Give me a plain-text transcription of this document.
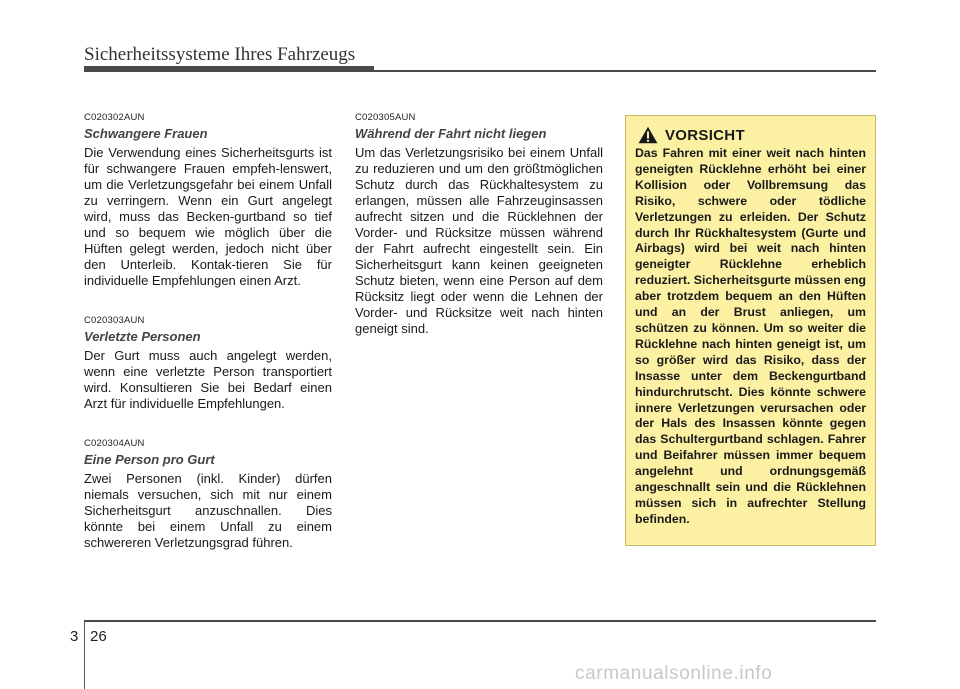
Sicherheitssysteme Ihres Fahrzeugs

C020302AUN

Schwangere Frauen

Die Verwendung eines Sicherheitsgurts ist für schwangere Frauen empfeh-lenswert, um die Verletzungsgefahr bei einem Unfall zu verringern. Wenn ein Gurt angelegt wird, muss das Becken-gurtband so tief und so bequem wie möglich über die Hüften gelegt werden, jedoch nicht über den Unterleib. Kontak-tieren Sie für individuelle Empfehlungen einen Arzt.

C020303AUN

Verletzte Personen

Der Gurt muss auch angelegt werden, wenn eine verletzte Person transportiert wird. Konsultieren Sie bei Bedarf einen Arzt für individuelle Empfehlungen.

C020304AUN

Eine Person pro Gurt

Zwei Personen (inkl. Kinder) dürfen niemals versuchen, sich mit nur einem Sicherheitsgurt anzuschnallen. Dies könnte bei einem Unfall zu einem schwereren Verletzungsgrad führen.

C020305AUN

Während der Fahrt nicht liegen

Um das Verletzungsrisiko bei einem Unfall zu reduzieren und um den größtmöglichen Schutz durch das Rückhaltesystem zu erlangen, müssen alle Fahrzeuginsassen aufrecht sitzen und die Rücklehnen der Vorder- und Rücksitze müssen während der Fahrt aufrecht eingestellt sein. Ein Sicherheitsgurt kann keinen geeigneten Schutz bieten, wenn eine Person auf dem Rücksitz liegt oder wenn die Lehnen der Vorder- und Rücksitze weit nach hinten geneigt sind.

VORSICHT

Das Fahren mit einer weit nach hinten geneigten Rücklehne erhöht bei einer Kollision oder Vollbremsung das Risiko, schwere oder tödliche Verletzungen zu erleiden. Der Schutz durch Ihr Rückhaltesystem (Gurte und Airbags) wird bei weit nach hinten geneigter Rücklehne erheblich reduziert. Sicherheitsgurte müssen eng aber trotzdem bequem an den Hüften und an der Brust anliegen, um schützen zu können. Um so weiter die Rücklehne nach hinten geneigt ist, um so größer wird das Risiko, dass der Insasse unter dem Beckengurtband hindurchrutscht. Dies könnte schwere innere Verletzungen verursachen oder der Hals des Insassen könnte gegen das Schultergurtband schlagen. Fahrer und Beifahrer müssen immer bequem angelehnt und ordnungsgemäß angeschnallt sein und die Rücklehnen müssen sich in aufrechter Stellung befinden.

3 26
carmanualsonline.info
